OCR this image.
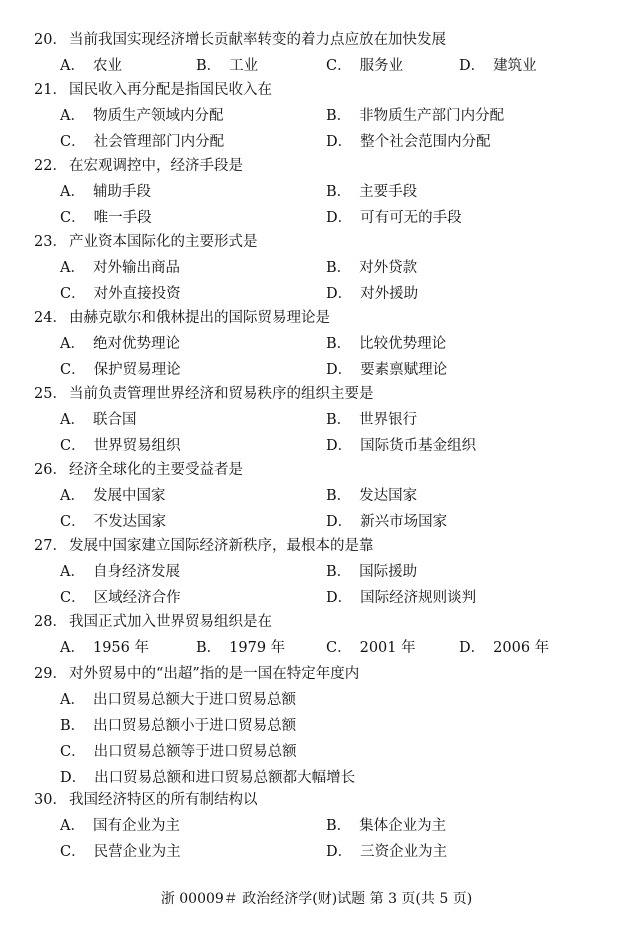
20． 当前我国实现经济增长贡献率转变的着力点应放在加快发展
A． 农业	B． 工业	C． 服务业	D． 建筑业
21． 国民收入再分配是指国民收入在
A． 物质生产领域内分配	B． 非物质生产部门内分配
C． 社会管理部门内分配	D． 整个社会范围内分配
22． 在宏观调控中，经济手段是
A． 辅助手段	B． 主要手段
C． 唯一手段	D． 可有可无的手段
23． 产业资本国际化的主要形式是
A． 对外输出商品	B． 对外贷款
C． 对外直接投资	D． 对外援助
24． 由赫克歇尔和俄林提出的国际贸易理论是
A． 绝对优势理论	B． 比较优势理论
C． 保护贸易理论	D． 要素禀赋理论
25． 当前负责管理世界经济和贸易秩序的组织主要是
A． 联合国	B． 世界银行
C． 世界贸易组织	D． 国际货币基金组织
26． 经济全球化的主要受益者是
A． 发展中国家	B． 发达国家
C． 不发达国家	D． 新兴市场国家
27． 发展中国家建立国际经济新秩序，最根本的是靠
A． 自身经济发展	B． 国际援助
C． 区域经济合作	D． 国际经济规则谈判
28． 我国正式加入世界贸易组织是在
A． 1956 年	B． 1979 年	C． 2001 年	D． 2006 年
29． 对外贸易中的“出超”指的是一国在特定年度内
A． 出口贸易总额大于进口贸易总额
B． 出口贸易总额小于进口贸易总额
C． 出口贸易总额等于进口贸易总额
D． 出口贸易总额和进口贸易总额都大幅增长
30． 我国经济特区的所有制结构以
A． 国有企业为主	B． 集体企业为主
C． 民营企业为主	D． 三资企业为主
浙 00009＃ 政治经济学(财)试题 第 3 页(共 5 页)
